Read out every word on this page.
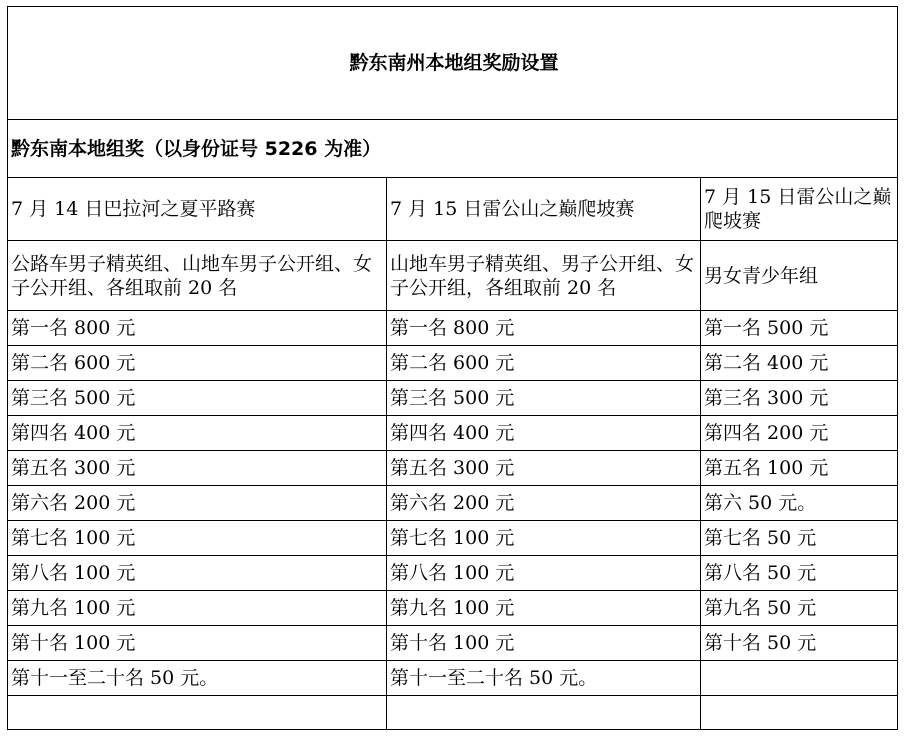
黔东南州本地组奖励设置		
黔东南本地组奖（以身份证号 5226 为准）		

7 月 14 日巴拉河之夏平路赛	7 月 15 日雷公山之巅爬坡赛	7 月 15 日雷公山之巅爬坡赛

公路车男子精英组、山地车男子公开组、女子公开组、各组取前 20 名	山地车男子精英组、男子公开组、女子公开组，各组取前 20 名	男女青少年组

第一名 800 元	第一名 800 元	第一名 500 元
第二名 600 元	第二名 600 元	第二名 400 元
第三名 500 元	第三名 500 元	第三名 300 元
第四名 400 元	第四名 400 元	第四名 200 元
第五名 300 元	第五名 300 元	第五名 100 元
第六名 200 元	第六名 200 元	第六 50 元。
第七名 100 元	第七名 100 元	第七名 50 元
第八名 100 元	第八名 100 元	第八名 50 元
第九名 100 元	第九名 100 元	第九名 50 元
第十名 100 元	第十名 100 元	第十名 50 元
第十一至二十名 50 元。	第十一至二十名 50 元。	
